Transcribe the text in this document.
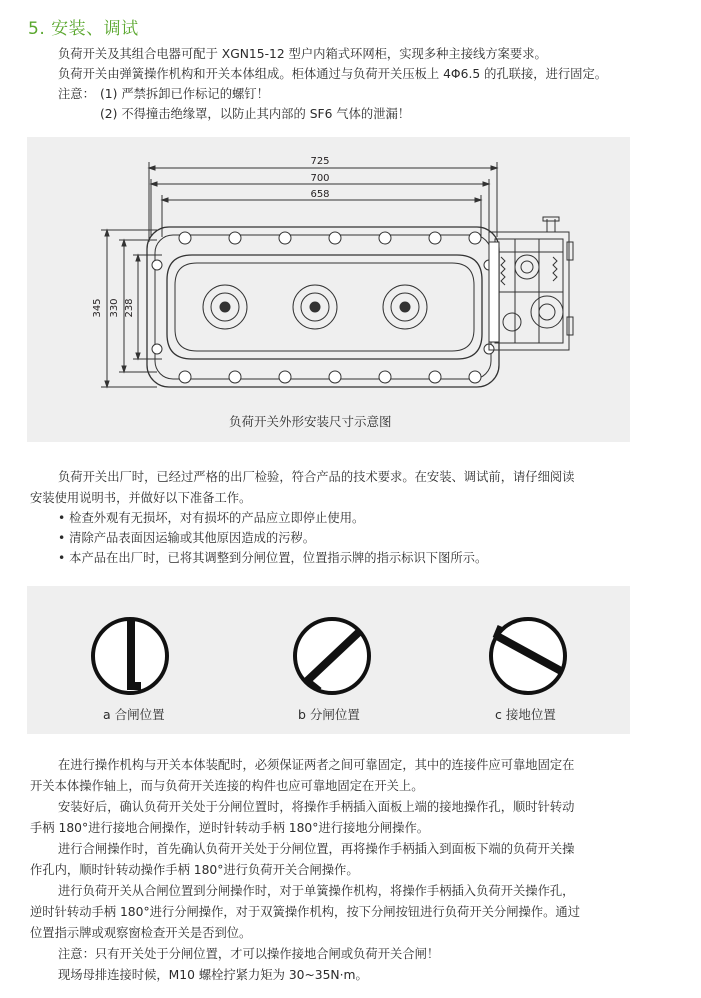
5. 安装、调试
负荷开关及其组合电器可配于 XGN15-12 型户内箱式环网柜，实现多种主接线方案要求。
负荷开关由弹簧操作机构和开关本体组成。柜体通过与负荷开关压板上 4Φ6.5 的孔联接，进行固定。
注意： (1) 严禁拆卸已作标记的螺钉！
(2) 不得撞击绝缘罩，以防止其内部的 SF6 气体的泄漏！
725
700
658
345 330 238
负荷开关外形安装尺寸示意图
负荷开关出厂时，已经过严格的出厂检验，符合产品的技术要求。在安装、调试前，请仔细阅读
安装使用说明书，并做好以下准备工作。
• 检查外观有无损坏，对有损坏的产品应立即停止使用。
• 清除产品表面因运输或其他原因造成的污秽。
• 本产品在出厂时，已将其调整到分闸位置，位置指示牌的指示标识下图所示。
a 合闸位置	b 分闸位置	c 接地位置
在进行操作机构与开关本体装配时，必须保证两者之间可靠固定，其中的连接件应可靠地固定在
开关本体操作轴上，而与负荷开关连接的构件也应可靠地固定在开关上。
安装好后，确认负荷开关处于分闸位置时，将操作手柄插入面板上端的接地操作孔，顺时针转动
手柄 180°进行接地合闸操作，逆时针转动手柄 180°进行接地分闸操作。
进行合闸操作时，首先确认负荷开关处于分闸位置，再将操作手柄插入到面板下端的负荷开关操
作孔内，顺时针转动操作手柄 180°进行负荷开关合闸操作。
进行负荷开关从合闸位置到分闸操作时，对于单簧操作机构，将操作手柄插入负荷开关操作孔，
逆时针转动手柄 180°进行分闸操作，对于双簧操作机构，按下分闸按钮进行负荷开关分闸操作。通过
位置指示牌或观察窗检查开关是否到位。
注意：只有开关处于分闸位置，才可以操作接地合闸或负荷开关合闸！
现场母排连接时候，M10 螺栓拧紧力矩为 30~35N·m。
